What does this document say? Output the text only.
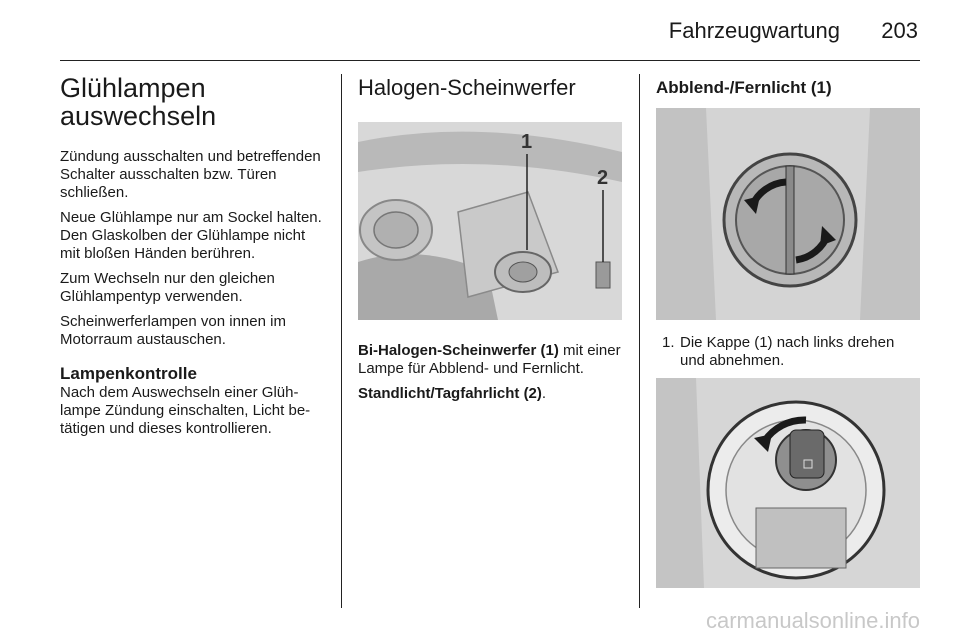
Fahrzeugwartung 203
Glühlampen
auswechseln

Zündung ausschalten und betreffenden Schalter ausschalten bzw. Türen schließen.

Neue Glühlampe nur am Sockel halten. Den Glaskolben der Glühlampe nicht mit bloßen Händen berühren.

Zum Wechseln nur den gleichen Glühlampentyp verwenden.

Scheinwerferlampen von innen im Motorraum austauschen.

Lampenkontrolle

Nach dem Auswechseln einer Glühlampe Zündung einschalten, Licht betätigen und dieses kontrollieren.

Halogen-Scheinwerfer
1
2

Bi-Halogen-Scheinwerfer (1) mit einer Lampe für Abblend- und Fernlicht.

Standlicht/Tagfahrlicht (2).

Abblend-/Fernlicht (1)
1. Die Kappe (1) nach links drehen und abnehmen.
carmanualsonline.info
